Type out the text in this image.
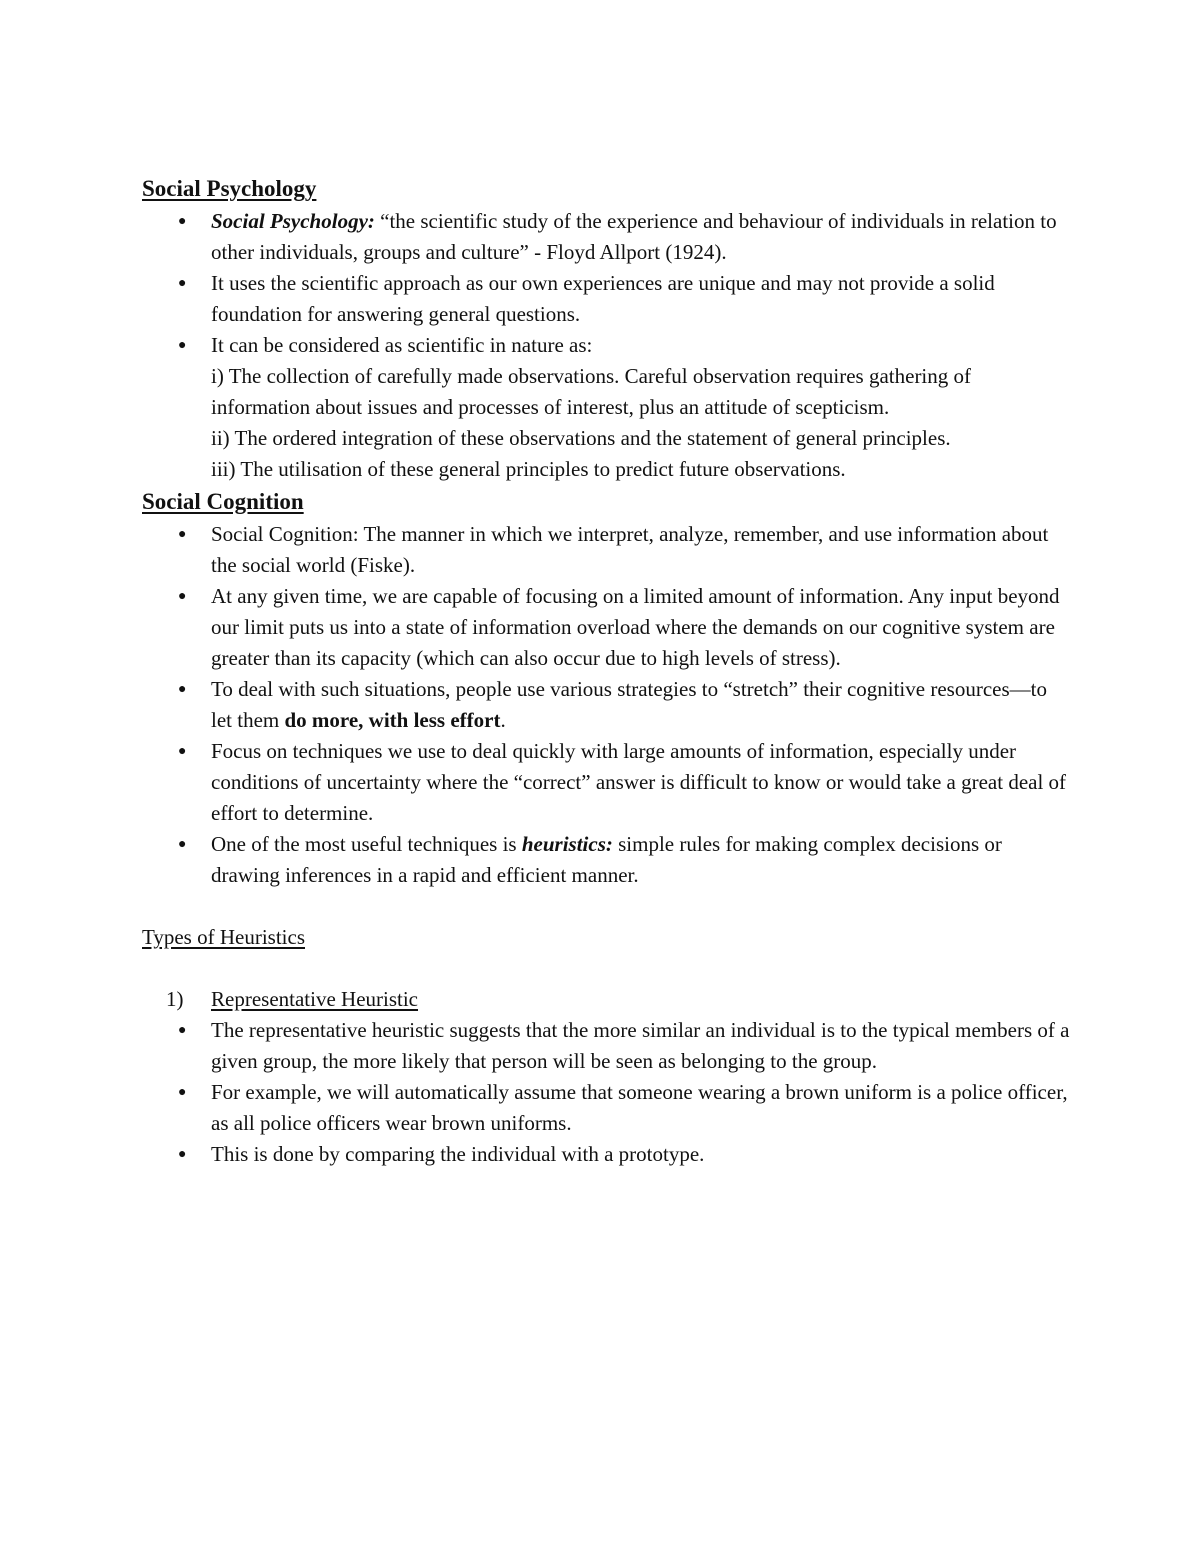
Social Psychology
● Social Psychology: “the scientific study of the experience and behaviour of individuals in relation to other individuals, groups and culture” - Floyd Allport (1924).
● It uses the scientific approach as our own experiences are unique and may not provide a solid foundation for answering general questions.
● It can be considered as scientific in nature as:
i) The collection of carefully made observations. Careful observation requires gathering of information about issues and processes of interest, plus an attitude of scepticism.
ii) The ordered integration of these observations and the statement of general principles.
iii) The utilisation of these general principles to predict future observations.
Social Cognition
● Social Cognition: The manner in which we interpret, analyze, remember, and use information about the social world (Fiske).
● At any given time, we are capable of focusing on a limited amount of information. Any input beyond our limit puts us into a state of information overload where the demands on our cognitive system are greater than its capacity (which can also occur due to high levels of stress).
● To deal with such situations, people use various strategies to “stretch” their cognitive resources—to let them do more, with less effort.
● Focus on techniques we use to deal quickly with large amounts of information, especially under conditions of uncertainty where the “correct” answer is difficult to know or would take a great deal of effort to determine.
● One of the most useful techniques is heuristics: simple rules for making complex decisions or drawing inferences in a rapid and efficient manner.
Types of Heuristics
1)	Representative Heuristic
● The representative heuristic suggests that the more similar an individual is to the typical members of a given group, the more likely that person will be seen as belonging to the group.
● For example, we will automatically assume that someone wearing a brown uniform is a police officer, as all police officers wear brown uniforms.
● This is done by comparing the individual with a prototype.
